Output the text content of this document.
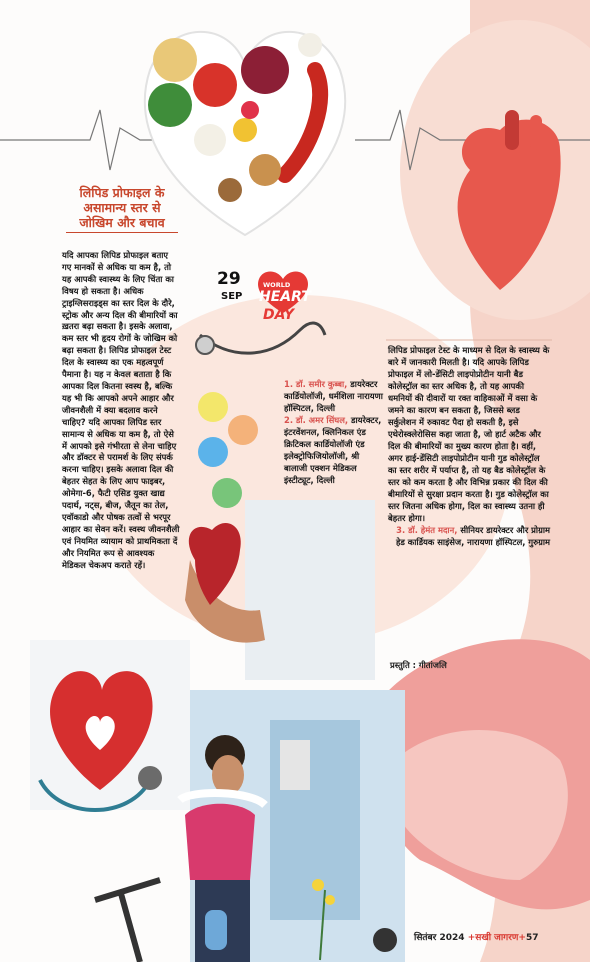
लिपिड प्रोफाइल के असामान्य स्तर से जोखिम और बचाव
यदि आपका लिपिड प्रोफाइल बताए गए मानकों से अधिक या कम है, तो यह आपकी स्वास्थ्य के लिए चिंता का विषय हो सकता है। अधिक ट्राइग्लिसराइड्स का स्तर दिल के दौरे, स्ट्रोक और अन्य दिल की बीमारियों का ख़तरा बढ़ा सकता है। इसके अलावा, कम स्तर भी हृदय रोगों के जोखिम को बढ़ा सकता है। लिपिड प्रोफाइल टेस्ट दिल के स्वास्थ्य का एक महत्वपूर्ण पैमाना है। यह न केवल बताता है कि आपका दिल कितना स्वस्थ है, बल्कि यह भी कि आपको अपने आहार और जीवनशैली में क्या बदलाव करने चाहिए? यदि आपका लिपिड स्तर सामान्य से अधिक या कम है, तो ऐसे में आपको इसे गंभीरता से लेना चाहिए और डॉक्टर से परामर्श के लिए संपर्क करना चाहिए। इसके अलावा दिल की बेहतर सेहत के लिए आप फाइबर, ओमेगा-6, फैटी एसिड युक्त खाद्य पदार्थ, नट्स, बीज, जैतून का तेल, एवॉकाडो और पोषक तत्वों से भरपूर आहार का सेवन करें। स्वस्थ जीवनशैली एवं नियमित व्यायाम को प्राथमिकता दें और नियमित रूप से आवश्यक मेडिकल चेकअप कराते रहें।
29
SEP
WORLD
HEART
DAY
1. डॉ. समीर कुब्बा, डायरेक्टर कार्डियोलॉजी, धर्मशिला नारायणा हॉस्पिटल, दिल्ली
2. डॉ. अमर सिंघल, डायरेक्टर, इंटरवेंशनल, क्लिनिकल एंड क्रिटिकल कार्डियोलॉजी एंड इलेक्ट्रोफिजियोलॉजी, श्री बालाजी एक्शन मेडिकल इंस्टीट्यूट, दिल्ली
लिपिड प्रोफाइल टेस्ट के माध्यम से दिल के स्वास्थ्य के बारे में जानकारी मिलती है। यदि आपके लिपिड प्रोफाइल में लो-डेंसिटी लाइपोप्रोटीन यानी बैड कोलेस्ट्रॉल का स्तर अधिक है, तो यह आपकी धमनियों की दीवारों या रक्त वाहिकाओं में वसा के जमने का कारण बन सकता है, जिससे ब्लड सर्कुलेशन में रुकावट पैदा हो सकती है, इसे एथेरोस्क्लेरोसिस कहा जाता है, जो हार्ट अटैक और दिल की बीमारियों का मुख्य कारण होता है। वहीं, अगर हाई-डेंसिटी लाइपोप्रोटीन यानी गुड कोलेस्ट्रॉल का स्तर शरीर में पर्याप्त है, तो यह बैड कोलेस्ट्रॉल के स्तर को कम करता है और विभिन्न प्रकार की दिल की बीमारियों से सुरक्षा प्रदान करता है। गुड कोलेस्ट्रॉल का स्तर जितना अधिक होगा, दिल का स्वास्थ्य उतना ही बेहतर होगा।
3. डॉ. हेमंत मदान, सीनियर डायरेक्टर और प्रोग्राम हेड कार्डियक साइंसेज, नारायणा हॉस्पिटल, गुरुग्राम
प्रस्तुति : गीतांजलि
सितंबर 2024 +सखी जागरण+57
